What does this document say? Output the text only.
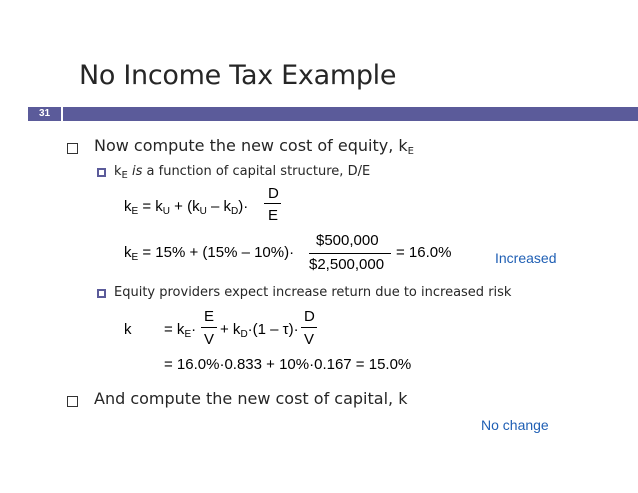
No Income Tax Example
31
Now compute the new cost of equity, $k_E$
$k_E$ is a function of capital structure, D/E
$k_E = k_U + (k_U - k_D)\cdot$
D
E
$k_E = 15\% + (15\% - 10\%)\cdot$
$500,000
$2,500,000
= 16.0%	Increased
Equity providers expect increase return due to increased risk
$k = k_E\cdot$
E
V
+ $k_D\cdot(1 - \tau)\cdot$
D
V
= 16.0%·0.833 + 10%·0.167 = 15.0%
And compute the new cost of capital, k
No change
